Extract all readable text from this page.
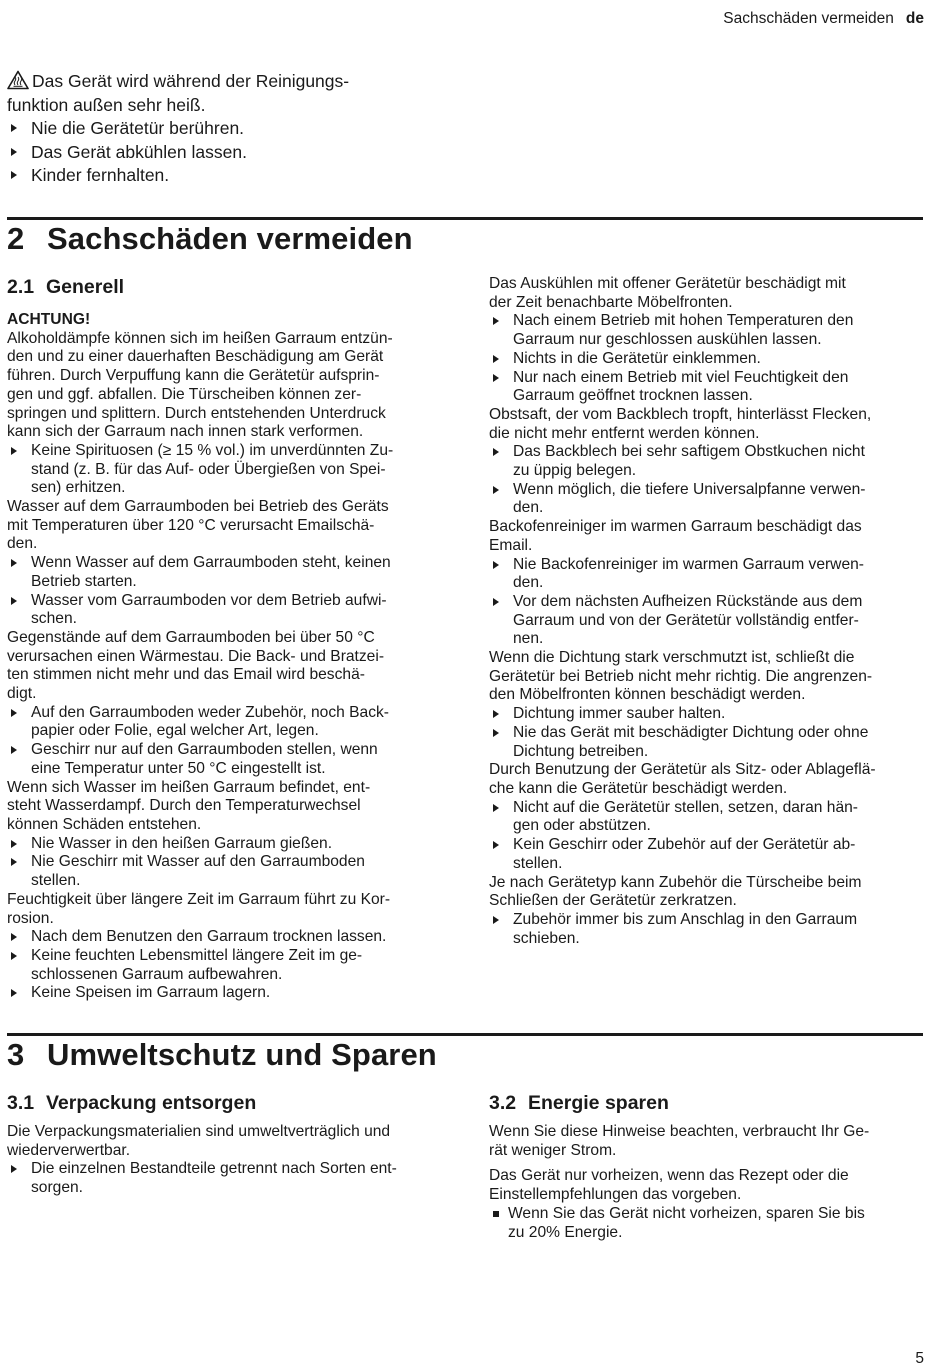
Sachschäden vermeiden de
Das Gerät wird während der Reinigungs-
funktion außen sehr heiß.
Nie die Gerätetür berühren.
Das Gerät abkühlen lassen.
Kinder fernhalten.
2 Sachschäden vermeiden
2.1 Generell
ACHTUNG!
Alkoholdämpfe können sich im heißen Garraum entzün-
den und zu einer dauerhaften Beschädigung am Gerät
führen. Durch Verpuffung kann die Gerätetür aufsprin-
gen und ggf. abfallen. Die Türscheiben können zer-
springen und splittern. Durch entstehenden Unterdruck
kann sich der Garraum nach innen stark verformen.
Keine Spirituosen (≥ 15 % vol.) im unverdünnten Zu-
stand (z. B. für das Auf- oder Übergießen von Spei-
sen) erhitzen.
Wasser auf dem Garraumboden bei Betrieb des Geräts
mit Temperaturen über 120 °C verursacht Emailschä-
den.
Wenn Wasser auf dem Garraumboden steht, keinen
Betrieb starten.
Wasser vom Garraumboden vor dem Betrieb aufwi-
schen.
Gegenstände auf dem Garraumboden bei über 50 °C
verursachen einen Wärmestau. Die Back- und Bratzei-
ten stimmen nicht mehr und das Email wird beschä-
digt.
Auf den Garraumboden weder Zubehör, noch Back-
papier oder Folie, egal welcher Art, legen.
Geschirr nur auf den Garraumboden stellen, wenn
eine Temperatur unter 50 °C eingestellt ist.
Wenn sich Wasser im heißen Garraum befindet, ent-
steht Wasserdampf. Durch den Temperaturwechsel
können Schäden entstehen.
Nie Wasser in den heißen Garraum gießen.
Nie Geschirr mit Wasser auf den Garraumboden
stellen.
Feuchtigkeit über längere Zeit im Garraum führt zu Kor-
rosion.
Nach dem Benutzen den Garraum trocknen lassen.
Keine feuchten Lebensmittel längere Zeit im ge-
schlossenen Garraum aufbewahren.
Keine Speisen im Garraum lagern.
Das Auskühlen mit offener Gerätetür beschädigt mit
der Zeit benachbarte Möbelfronten.
Nach einem Betrieb mit hohen Temperaturen den
Garraum nur geschlossen auskühlen lassen.
Nichts in die Gerätetür einklemmen.
Nur nach einem Betrieb mit viel Feuchtigkeit den
Garraum geöffnet trocknen lassen.
Obstsaft, der vom Backblech tropft, hinterlässt Flecken,
die nicht mehr entfernt werden können.
Das Backblech bei sehr saftigem Obstkuchen nicht
zu üppig belegen.
Wenn möglich, die tiefere Universalpfanne verwen-
den.
Backofenreiniger im warmen Garraum beschädigt das
Email.
Nie Backofenreiniger im warmen Garraum verwen-
den.
Vor dem nächsten Aufheizen Rückstände aus dem
Garraum und von der Gerätetür vollständig entfer-
nen.
Wenn die Dichtung stark verschmutzt ist, schließt die
Gerätetür bei Betrieb nicht mehr richtig. Die angrenzen-
den Möbelfronten können beschädigt werden.
Dichtung immer sauber halten.
Nie das Gerät mit beschädigter Dichtung oder ohne
Dichtung betreiben.
Durch Benutzung der Gerätetür als Sitz- oder Ablageflä-
che kann die Gerätetür beschädigt werden.
Nicht auf die Gerätetür stellen, setzen, daran hän-
gen oder abstützen.
Kein Geschirr oder Zubehör auf der Gerätetür ab-
stellen.
Je nach Gerätetyp kann Zubehör die Türscheibe beim
Schließen der Gerätetür zerkratzen.
Zubehör immer bis zum Anschlag in den Garraum
schieben.
3 Umweltschutz und Sparen
3.1 Verpackung entsorgen	3.2 Energie sparen
Die Verpackungsmaterialien sind umweltverträglich und
wiederverwertbar.
Die einzelnen Bestandteile getrennt nach Sorten ent-
sorgen.
Wenn Sie diese Hinweise beachten, verbraucht Ihr Ge-
rät weniger Strom.
Das Gerät nur vorheizen, wenn das Rezept oder die
Einstellempfehlungen das vorgeben.
Wenn Sie das Gerät nicht vorheizen, sparen Sie bis
zu 20% Energie.
5
